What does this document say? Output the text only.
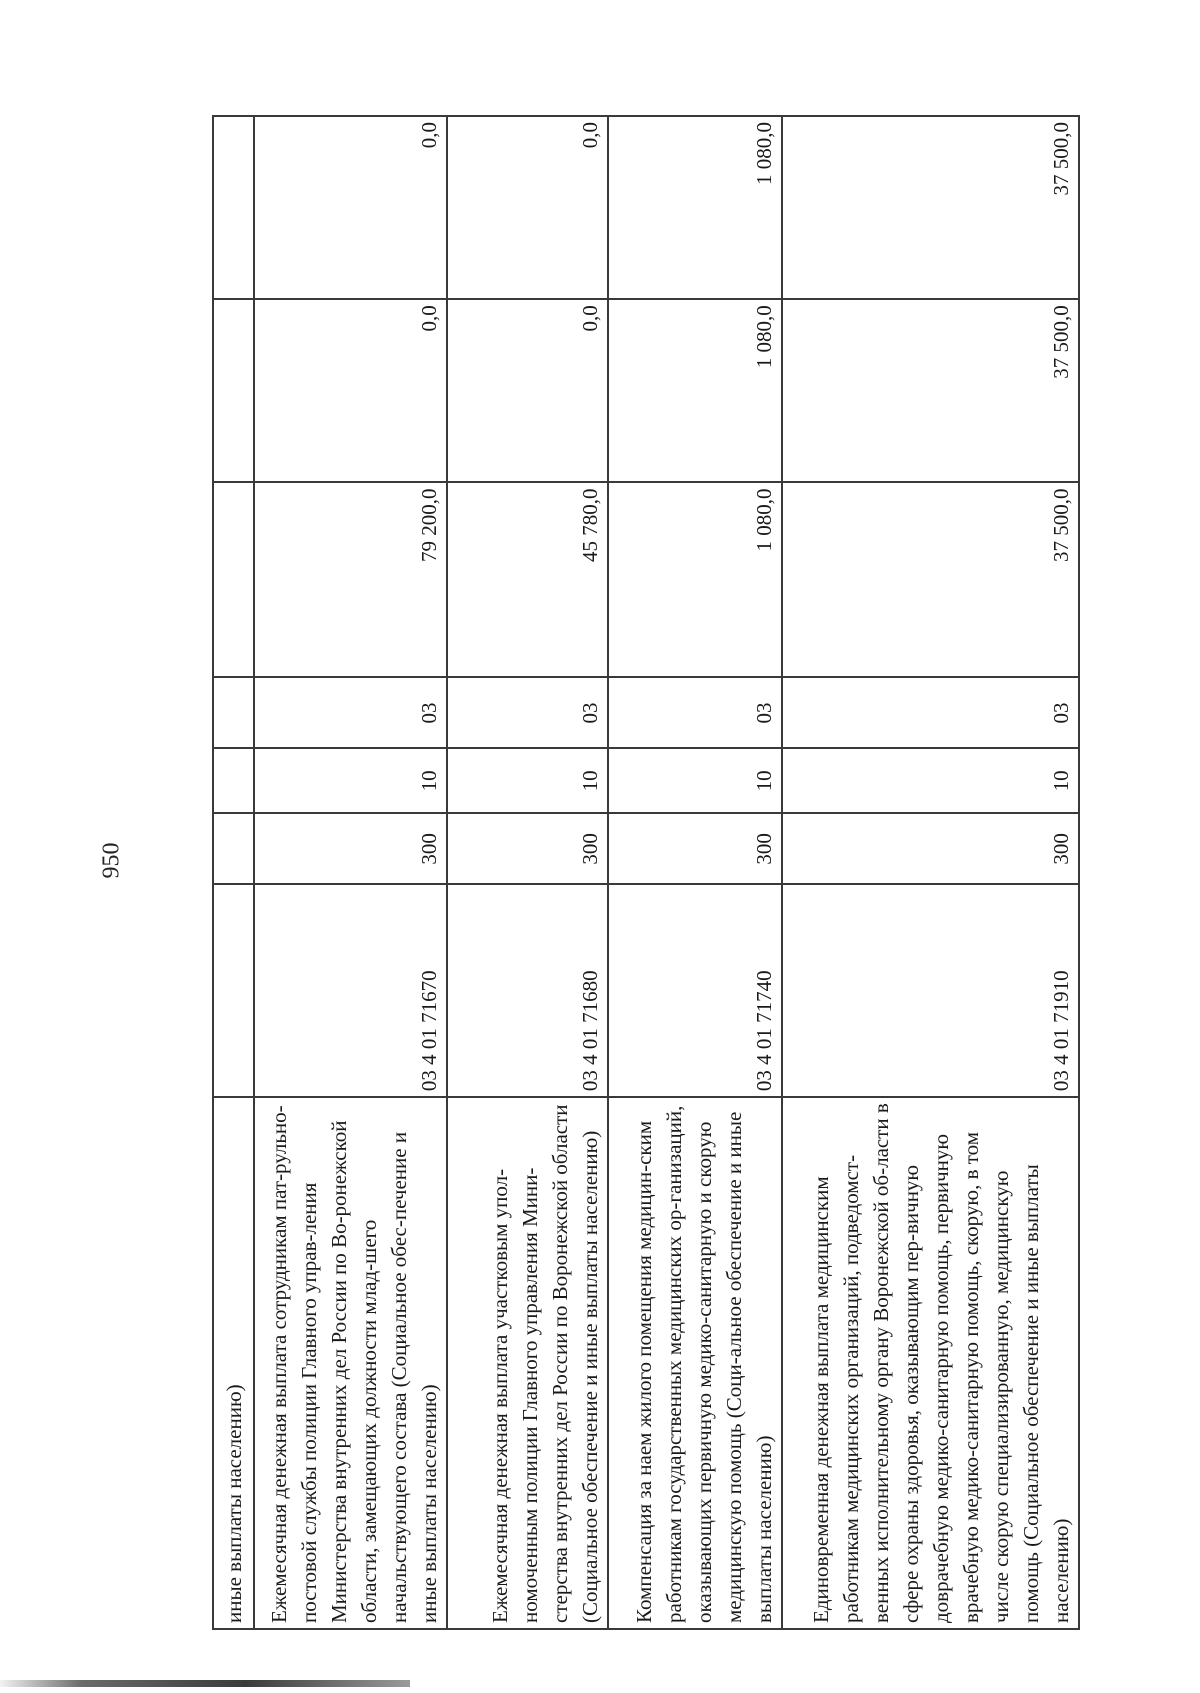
950
иные выплаты населению)							
Ежемесячная денежная выплата сотрудникам пат-рульно-постовой службы полиции Главного управ-ления Министерства внутренних дел России по Во-ронежской области, замещающих должности млад-шего начальствующего состава (Социальное обес-печение и иные выплаты населению)	03 4 01 71670	300	10	03	79 200,0	0,0	0,0
Ежемесячная денежная выплата участковым упол-номоченным полиции Главного управления Мини-стерства внутренних дел России по Воронежской области (Социальное обеспечение и иные выплаты населению)	03 4 01 71680	300	10	03	45 780,0	0,0	0,0
Компенсация за наем жилого помещения медицин-ским работникам государственных медицинских ор-ганизаций, оказывающих первичную медико-санитарную и скорую медицинскую помощь (Соци-альное обеспечение и иные выплаты населению)	03 4 01 71740	300	10	03	1 080,0	1 080,0	1 080,0
Единовременная денежная выплата медицинским работникам медицинских организаций, подведомст-венных исполнительному органу Воронежской об-ласти в сфере охраны здоровья, оказывающим пер-вичную доврачебную медико-санитарную помощь, первичную врачебную медико-санитарную помощь, скорую, в том числе скорую специализированную, медицинскую помощь (Социальное обеспечение и иные выплаты населению)	03 4 01 71910	300	10	03	37 500,0	37 500,0	37 500,0
